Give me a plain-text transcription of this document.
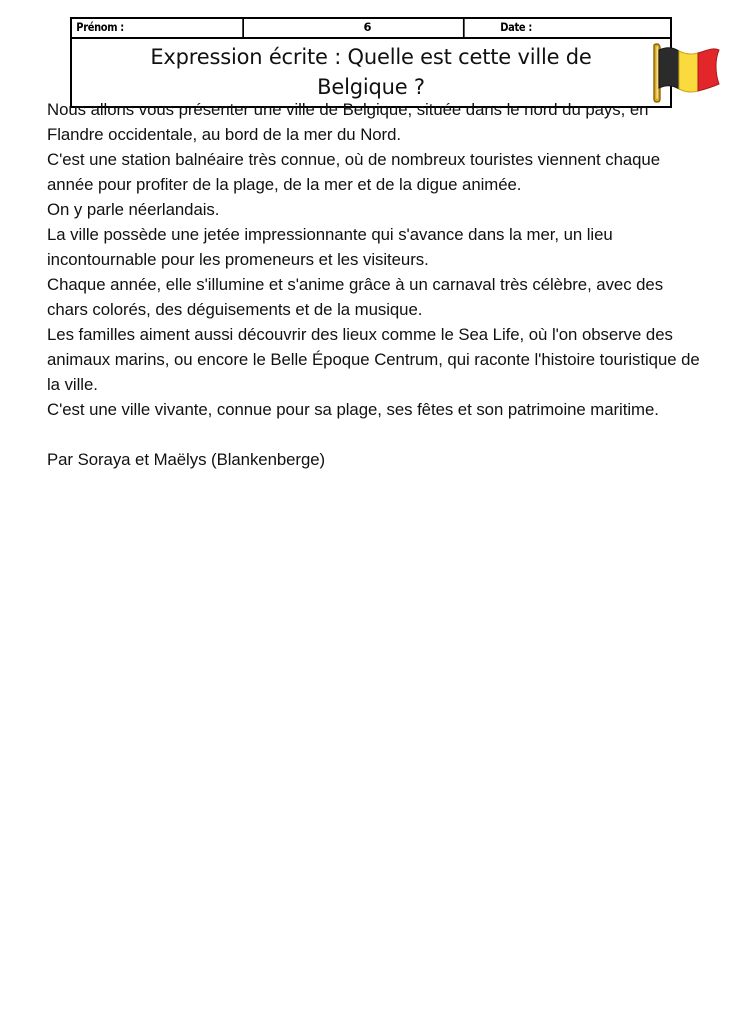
Prénom :	6	Date :
Expression écrite : Quelle est cette ville de Belgique ?

Nous allons vous présenter une ville de Belgique, située dans le nord du pays, en Flandre occidentale, au bord de la mer du Nord.

C'est une station balnéaire très connue, où de nombreux touristes viennent chaque année pour profiter de la plage, de la mer et de la digue animée.

On y parle néerlandais.

La ville possède une jetée impressionnante qui s'avance dans la mer, un lieu incontournable pour les promeneurs et les visiteurs.

Chaque année, elle s'illumine et s'anime grâce à un carnaval très célèbre, avec des chars colorés, des déguisements et de la musique.

Les familles aiment aussi découvrir des lieux comme le Sea Life, où l'on observe des animaux marins, ou encore le Belle Époque Centrum, qui raconte l'histoire touristique de la ville.

C'est une ville vivante, connue pour sa plage, ses fêtes et son patrimoine maritime.

Par Soraya et Maëlys (Blankenberge)
